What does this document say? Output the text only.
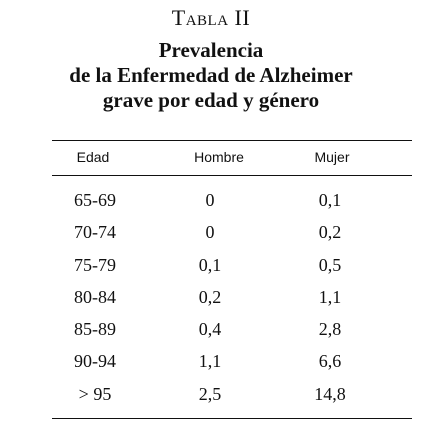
Tabla II
Prevalencia
de la Enfermedad de Alzheimer
grave por edad y género
Edad	Hombre	Mujer
65-69	0	0,1
70-74	0	0,2
75-79	0,1	0,5
80-84	0,2	1,1
85-89	0,4	2,8
90-94	1,1	6,6
> 95	2,5	14,8
